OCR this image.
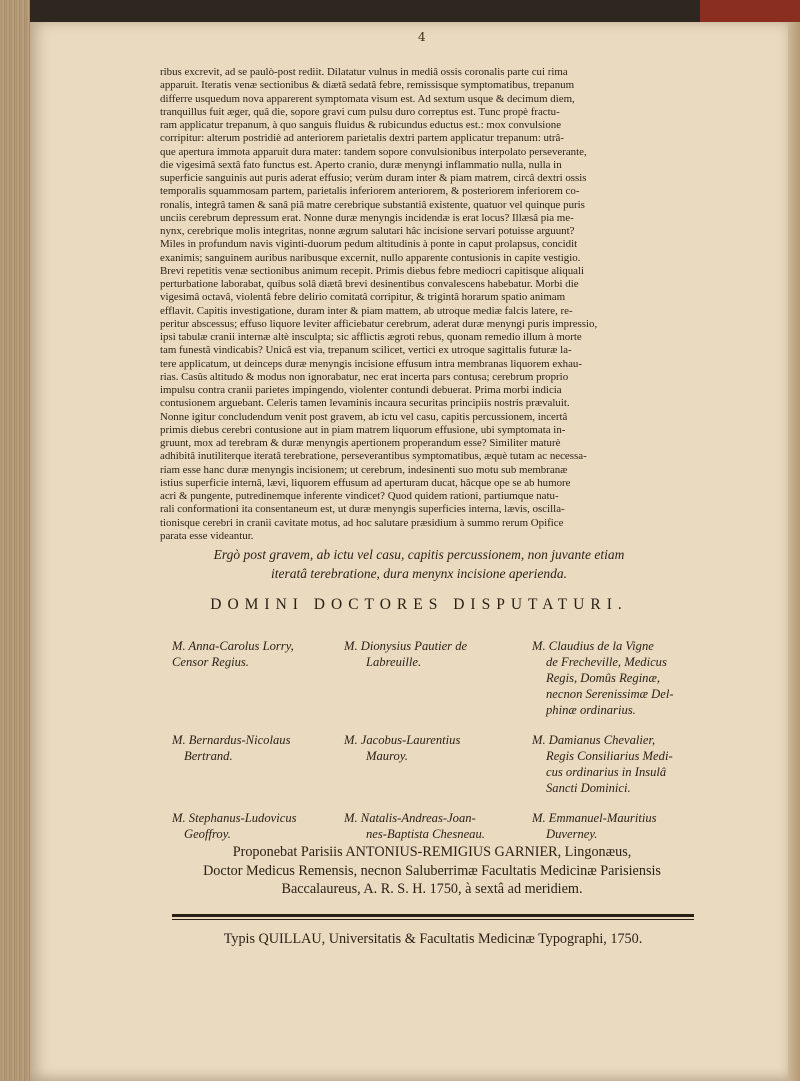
4
ribus excrevit, ad se paulò-post rediit. Dilatatur vulnus in mediâ ossis coronalis parte cui rima
apparuit. Iteratis venæ sectionibus & diætâ sedatâ febre, remissisque symptomatibus, trepanum
differre usquedum nova apparerent symptomata visum est. Ad sextum usque & decimum diem,
tranquillus fuit æger, quâ die, sopore gravi cum pulsu duro correptus est. Tunc propè fractu-
ram applicatur trepanum, à quo sanguis fluidus & rubicundus eductus est.: mox convulsione
corripitur: alterum postridiè ad anteriorem parietalis dextri partem applicatur trepanum: utrâ-
que apertura immota apparuit dura mater: tandem sopore convulsionibus interpolato perseverante,
die vigesimâ sextâ fato functus est. Aperto cranio, duræ menyngi inflammatio nulla, nulla in
superficie sanguinis aut puris aderat effusio; verùm duram inter & piam matrem, circâ dextri ossis
temporalis squammosam partem, parietalis inferiorem anteriorem, & posteriorem inferiorem co-
ronalis, integrâ tamen & sanâ piâ matre cerebrique substantiâ existente, quatuor vel quinque puris
unciis cerebrum depressum erat. Nonne duræ menyngis incidendæ is erat locus? Illæsâ pia me-
nynx, cerebrique molis integritas, nonne ægrum salutari hâc incisione servari potuisse arguunt?
Miles in profundum navis viginti-duorum pedum altitudinis à ponte in caput prolapsus, concidit
exanimis; sanguinem auribus naribusque excernit, nullo apparente contusionis in capite vestigio.
Brevi repetitis venæ sectionibus animum recepit. Primis diebus febre mediocri capitisque aliquali
perturbatione laborabat, quibus solâ diætâ brevi desinentibus convalescens habebatur. Morbi die
vigesimâ octavâ, violentâ febre delirio comitatâ corripitur, & trigintâ horarum spatio animam
efflavit. Capitis investigatione, duram inter & piam mattem, ab utroque mediæ falcis latere, re-
peritur abscessus; effuso liquore leviter afficiebatur cerebrum, aderat duræ menyngi puris impressio,
ipsi tabulæ cranii internæ altè insculpta; sic afflictis ægroti rebus, quonam remedio illum à morte
tam funestâ vindicabis? Unicâ est via, trepanum scilicet, vertici ex utroque sagittalis futuræ la-
tere applicatum, ut deinceps duræ menyngis incisione effusum intra membranas liquorem exhau-
rias. Casûs altitudo & modus non ignorabatur, nec erat incerta pars contusa; cerebrum proprio
impulsu contra cranii parietes impingendo, violenter contundi debuerat. Prima morbi indicia
contusionem arguebant. Celeris tamen levaminis incaura securitas principiis nostris prævaluit.
Nonne igitur concludendum venit post gravem, ab ictu vel casu, capitis percussionem, incertâ
primis diebus cerebri contusione aut in piam matrem liquorum effusione, ubi symptomata in-
gruunt, mox ad terebram & duræ menyngis apertionem properandum esse? Similiter maturè
adhibitâ inutiliterque iteratâ terebratione, perseverantibus symptomatibus, æquè tutam ac necessa-
riam esse hanc duræ menyngis incisionem; ut cerebrum, indesinenti suo motu sub membranæ
istius superficie internâ, lævi, liquorem effusum ad aperturam ducat, hâcque ope se ab humore
acri & pungente, putredinemque inferente vindicet? Quod quidem rationi, partiumque natu-
rali conformationi ita consentaneum est, ut duræ menyngis superficies interna, lævis, oscilla-
tionisque cerebri in cranii cavitate motus, ad hoc salutare præsidium à summo rerum Opifice
parata esse videantur.
Ergò post gravem, ab ictu vel casu, capitis percussionem, non juvante etiam
iteratâ terebratione, dura menynx incisione aperienda.
DOMINI DOCTORES DISPUTATURI.
M. Anna-Carolus Lorry,
Censor Regius.
M. Dionysius Pautier de
Labreuille.
M. Claudius de la Vigne
de Frecheville, Medicus
Regis, Domûs Reginæ,
necnon Serenissimæ Del-
phinæ ordinarius.
M. Bernardus-Nicolaus
Bertrand.
M. Jacobus-Laurentius
Mauroy.
M. Damianus Chevalier,
Regis Consiliarius Medi-
cus ordinarius in Insulâ
Sancti Dominici.
M. Stephanus-Ludovicus
Geoffroy.
M. Natalis-Andreas-Joan-
nes-Baptista Chesneau.
M. Emmanuel-Mauritius
Duverney.
Proponebat Parisiis ANTONIUS-REMIGIUS GARNIER, Lingonæus,
Doctor Medicus Remensis, necnon Saluberrimæ Facultatis Medicinæ Parisiensis
Baccalaureus, A. R. S. H. 1750, à sextâ ad meridiem.
Typis QUILLAU, Universitatis & Facultatis Medicinæ Typographi, 1750.
